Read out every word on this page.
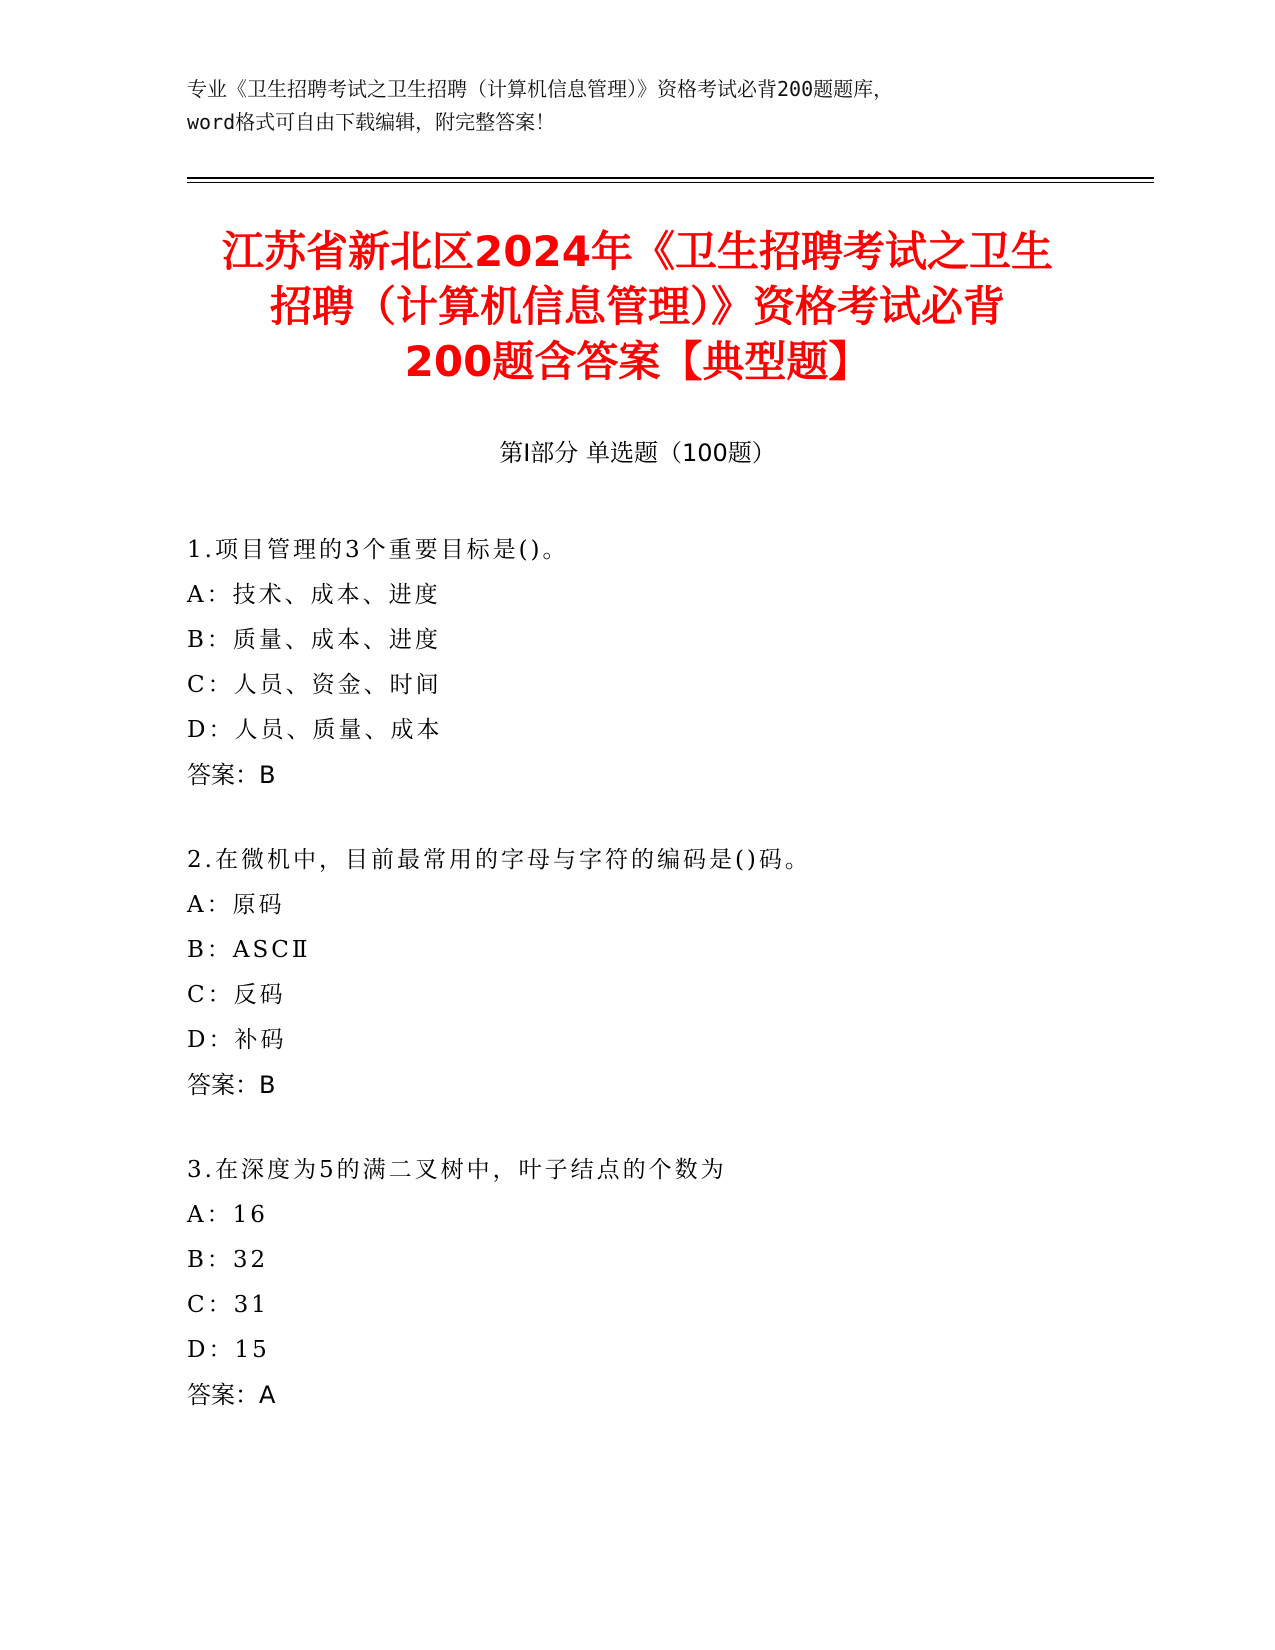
专业《卫生招聘考试之卫生招聘（计算机信息管理）》资格考试必背200题题库，
word格式可自由下载编辑，附完整答案！
江苏省新北区2024年《卫生招聘考试之卫生
招聘（计算机信息管理）》资格考试必背
200题含答案【典型题】
第Ⅰ部分 单选题（100题）
1.项目管理的3个重要目标是()。
A：技术、成本、进度
B：质量、成本、进度
C：人员、资金、时间
D：人员、质量、成本
答案：B
2.在微机中，目前最常用的字母与字符的编码是()码。
A：原码
B：ASCⅡ
C：反码
D：补码
答案：B
3.在深度为5的满二叉树中，叶子结点的个数为
A：16
B：32
C：31
D：15
答案：A
